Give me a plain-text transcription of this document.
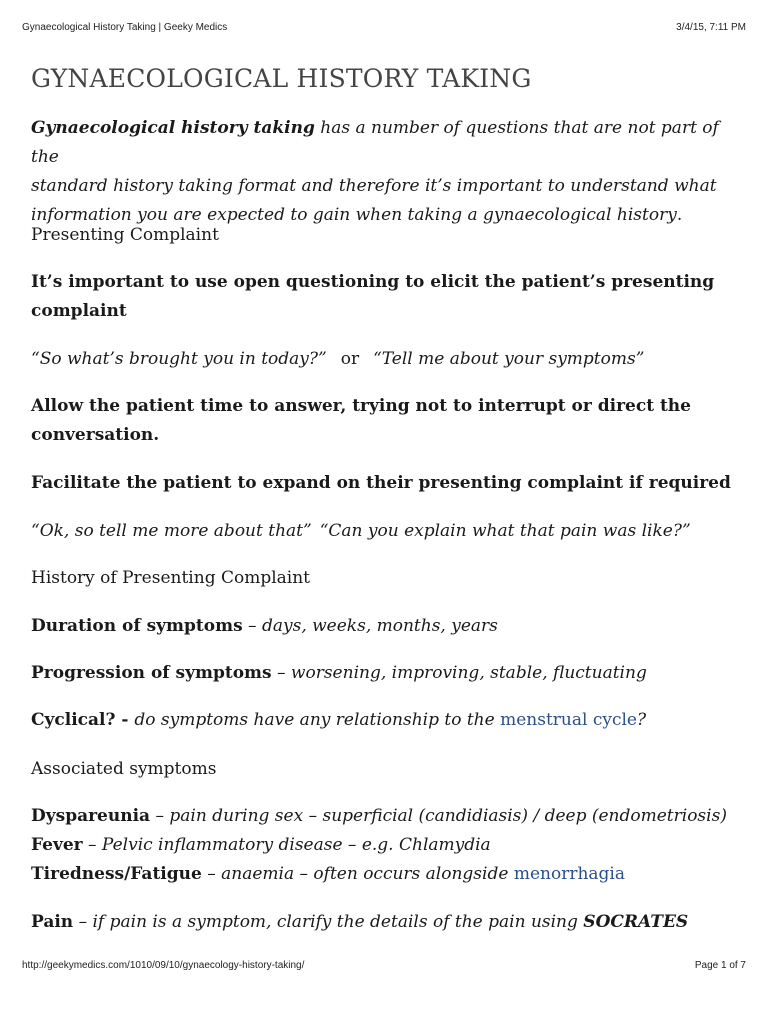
Gynaecological History Taking | Geeky Medics	3/4/15, 7:11 PM
GYNAECOLOGICAL HISTORY TAKING

Gynaecological history taking has a number of questions that are not part of the
standard history taking format and therefore it’s important to understand what
information you are expected to gain when taking a gynaecological history.

Presenting Complaint

It’s important to use open questioning to elicit the patient’s presenting
complaint

“So what’s brought you in today?” or “Tell me about your symptoms”

Allow the patient time to answer, trying not to interrupt or direct the
conversation.

Facilitate the patient to expand on their presenting complaint if required

“Ok, so tell me more about that” “Can you explain what that pain was like?”

History of Presenting Complaint

Duration of symptoms – days, weeks, months, years

Progression of symptoms – worsening, improving, stable, fluctuating

Cyclical? - do symptoms have any relationship to the menstrual cycle?

Associated symptoms

Dyspareunia – pain during sex – superficial (candidiasis) / deep (endometriosis)
Fever – Pelvic inflammatory disease – e.g. Chlamydia
Tiredness/Fatigue – anaemia – often occurs alongside menorrhagia

Pain – if pain is a symptom, clarify the details of the pain using SOCRATES

http://geekymedics.com/1010/09/10/gynaecology-history-taking/	Page 1 of 7
